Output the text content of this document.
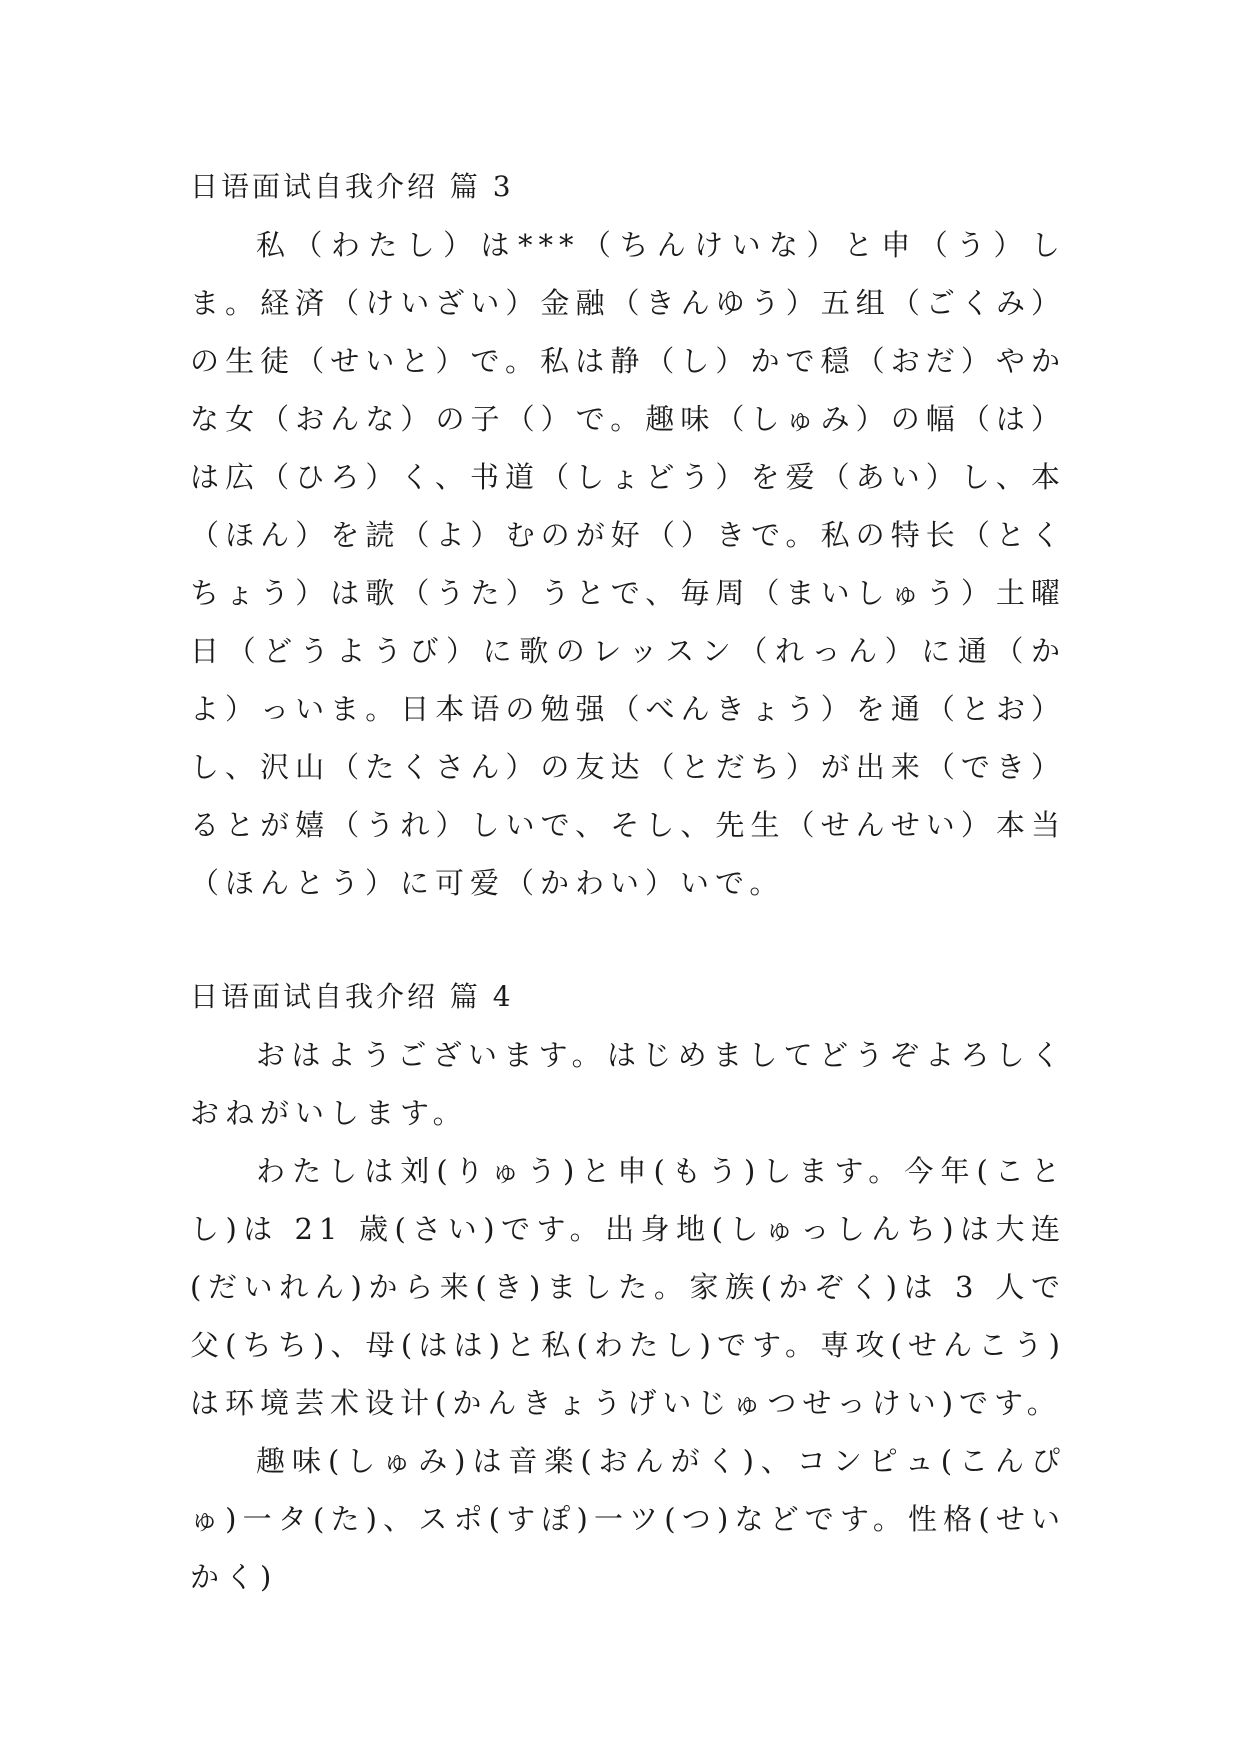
日语面试自我介绍 篇 3

私（わたし）は***（ちんけいな）と申（う）しま。経済（けいざい）金融（きんゆう）五组（ごくみ）の生徒（せいと）で。私は静（し）かで穏（おだ）やかな女（おんな）の子（）で。趣味（しゅみ）の幅（は）は広（ひろ）く、书道（しょどう）を爱（あい）し、本（ほん）を読（よ）むのが好（）きで。私の特长（とくちょう）は歌（うた）うとで、毎周（まいしゅう）土曜日（どうようび）に歌のレッスン（れっん）に通（かよ）っいま。日本语の勉强（べんきょう）を通（とお）し、沢山（たくさん）の友达（とだち）が出来（でき）るとが嬉（うれ）しいで、そし、先生（せんせい）本当（ほんとう）に可爱（かわい）いで。

日语面试自我介绍 篇 4

おはようございます。はじめましてどうぞよろしくおねがいします。

わたしは刘(りゅう)と申(もう)します。今年(ことし)は 21 歳(さい)です。出身地(しゅっしんち)は大连(だいれん)から来(き)ました。家族(かぞく)は 3 人で父(ちち)、母(はは)と私(わたし)です。専攻(せんこう)は环境芸术设计(かんきょうげいじゅつせっけい)です。

趣味(しゅみ)は音楽(おんがく)、コンピュ(こんぴゅ)一タ(た)、スポ(すぽ)一ツ(つ)などです。性格(せいかく)
